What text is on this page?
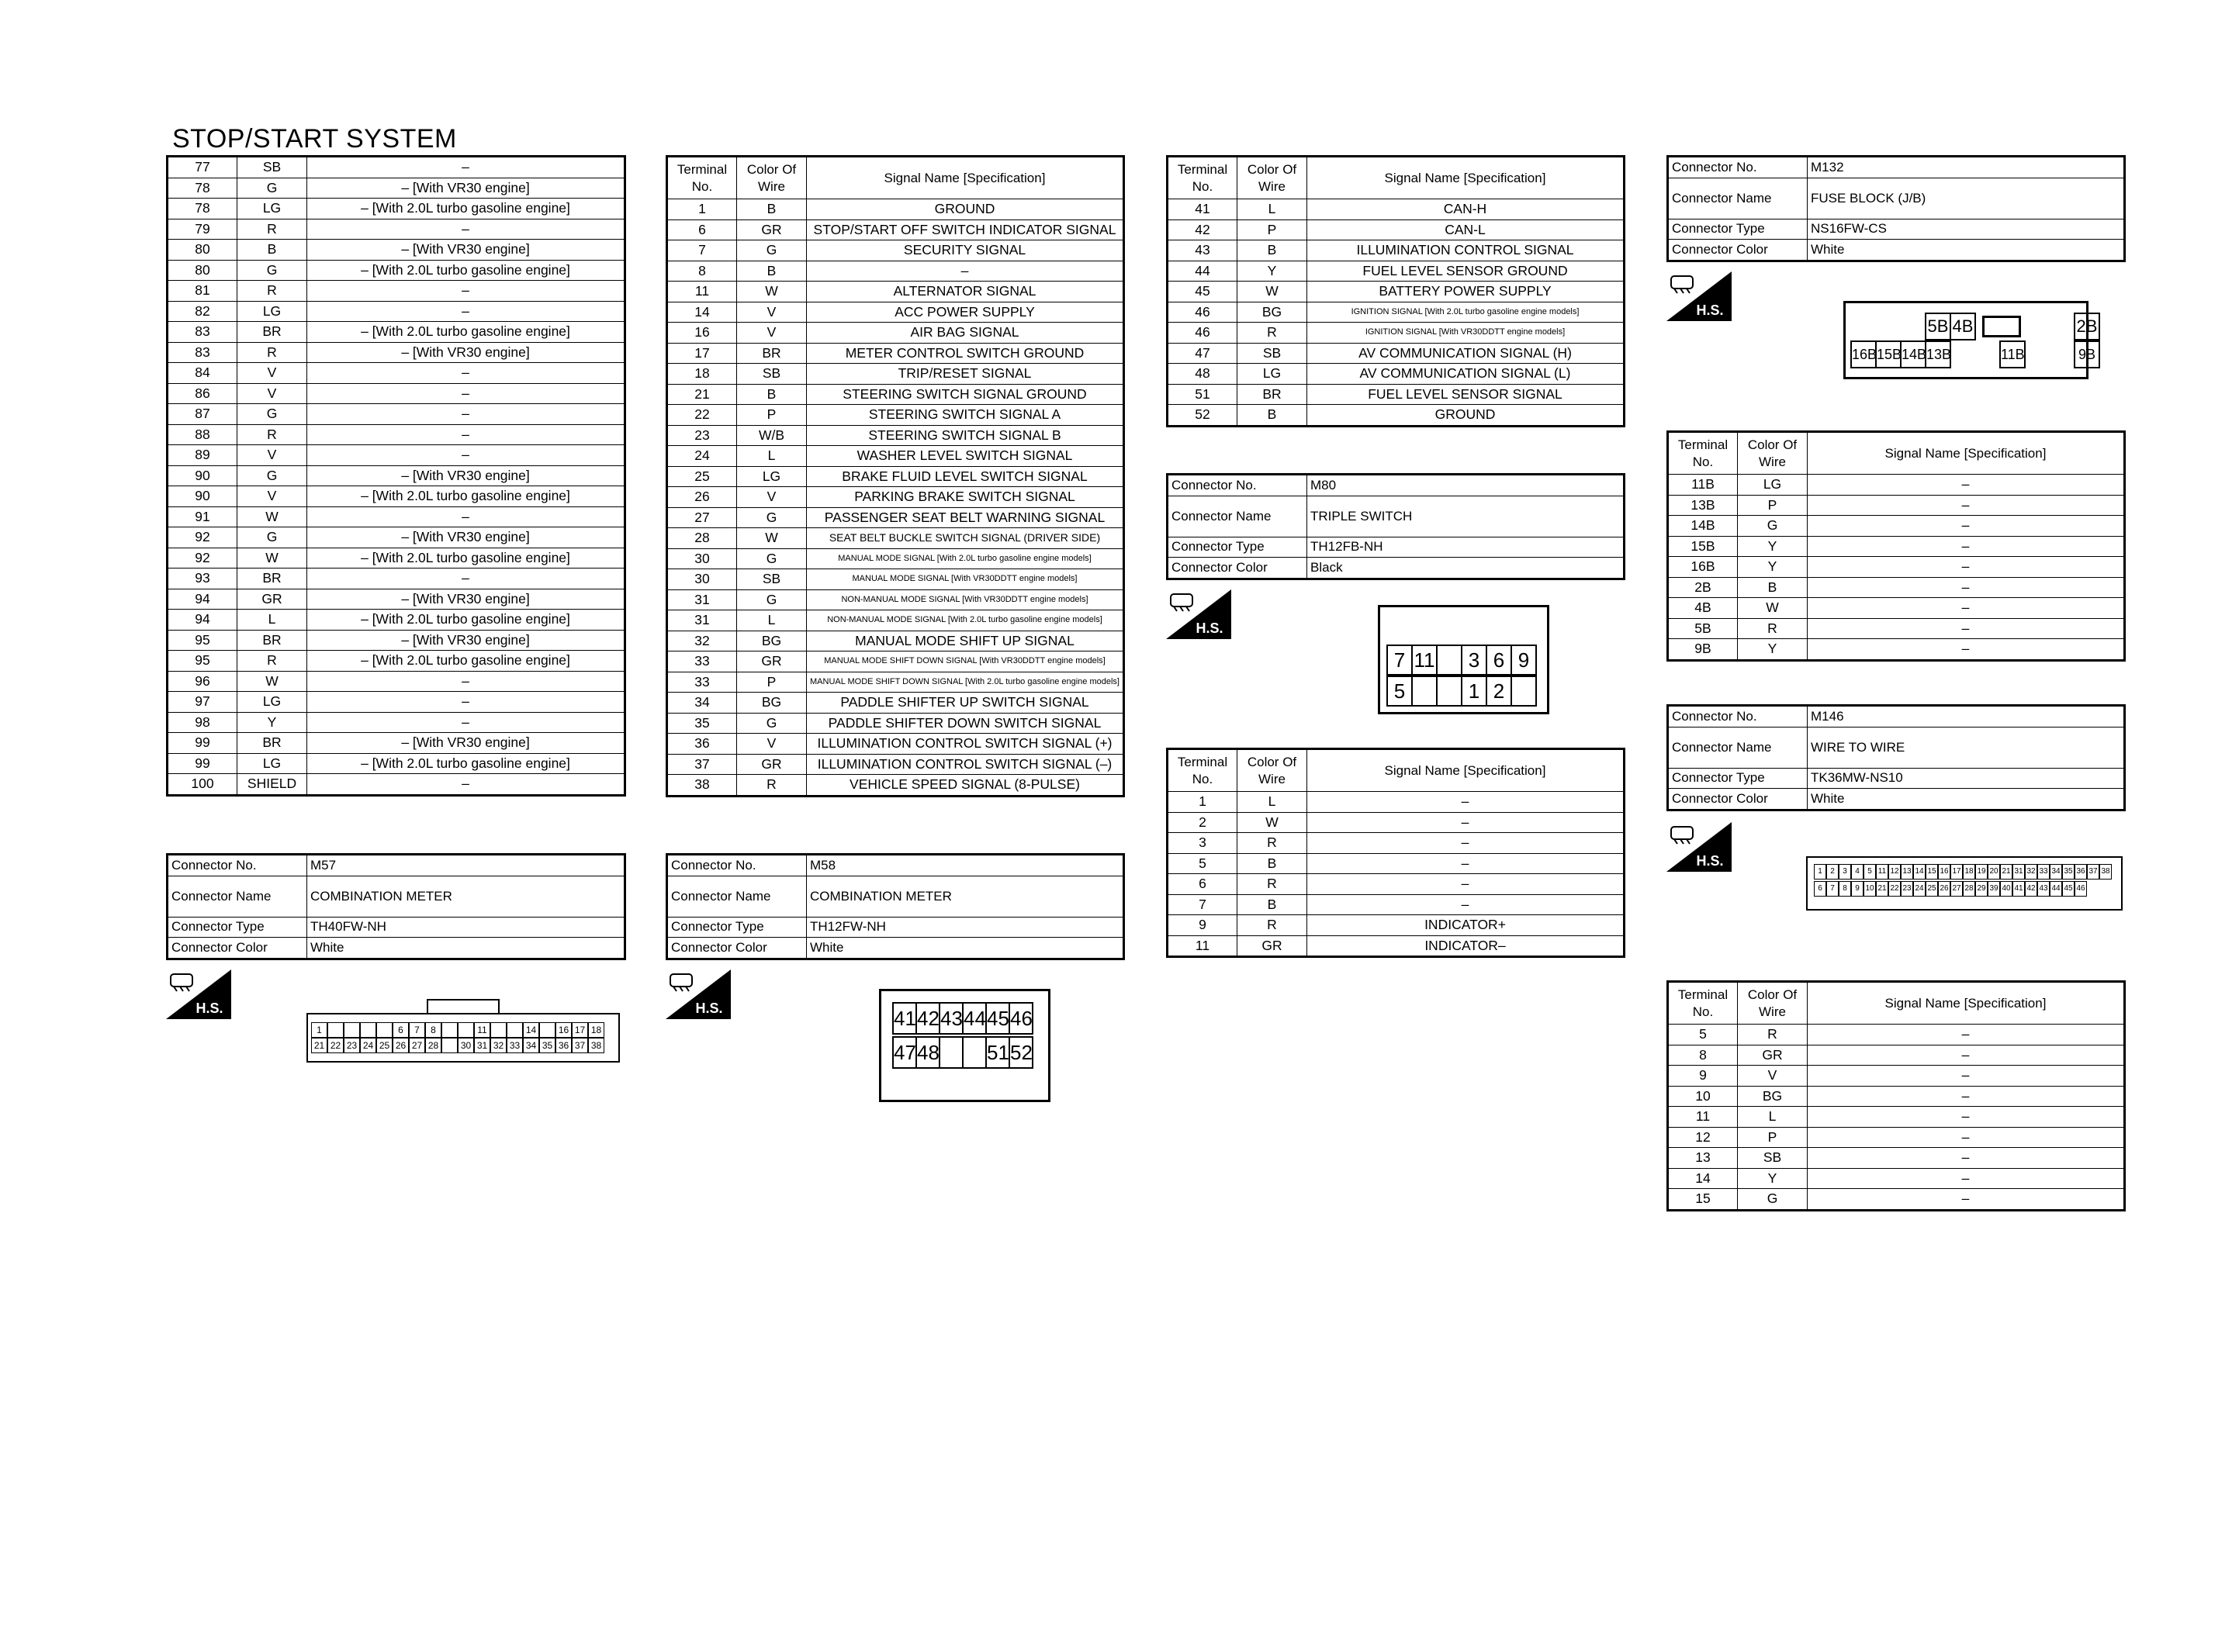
STOP/START SYSTEM
77	SB	–
78	G	– [With VR30 engine]
78	LG	– [With 2.0L turbo gasoline engine]
79	R	–
80	B	– [With VR30 engine]
80	G	– [With 2.0L turbo gasoline engine]
81	R	–
82	LG	–
83	BR	– [With 2.0L turbo gasoline engine]
83	R	– [With VR30 engine]
84	V	–
86	V	–
87	G	–
88	R	–
89	V	–
90	G	– [With VR30 engine]
90	V	– [With 2.0L turbo gasoline engine]
91	W	–
92	G	– [With VR30 engine]
92	W	– [With 2.0L turbo gasoline engine]
93	BR	–
94	GR	– [With VR30 engine]
94	L	– [With 2.0L turbo gasoline engine]
95	BR	– [With VR30 engine]
95	R	– [With 2.0L turbo gasoline engine]
96	W	–
97	LG	–
98	Y	–
99	BR	– [With VR30 engine]
99	LG	– [With 2.0L turbo gasoline engine]
100	SHIELD	–
Terminal No.	Color Of Wire	Signal Name [Specification]
1	B	GROUND
6	GR	STOP/START OFF SWITCH INDICATOR SIGNAL
7	G	SECURITY SIGNAL
8	B	–
11	W	ALTERNATOR SIGNAL
14	V	ACC POWER SUPPLY
16	V	AIR BAG SIGNAL
17	BR	METER CONTROL SWITCH GROUND
18	SB	TRIP/RESET SIGNAL
21	B	STEERING SWITCH SIGNAL GROUND
22	P	STEERING SWITCH SIGNAL A
23	W/B	STEERING SWITCH SIGNAL B
24	L	WASHER LEVEL SWITCH SIGNAL
25	LG	BRAKE FLUID LEVEL SWITCH SIGNAL
26	V	PARKING BRAKE SWITCH SIGNAL
27	G	PASSENGER SEAT BELT WARNING SIGNAL
28	W	SEAT BELT BUCKLE SWITCH SIGNAL (DRIVER SIDE)
30	G	MANUAL MODE SIGNAL [With 2.0L turbo gasoline engine models]
30	SB	MANUAL MODE SIGNAL [With VR30DDTT engine models]
31	G	NON-MANUAL MODE SIGNAL [With VR30DDTT engine models]
31	L	NON-MANUAL MODE SIGNAL [With 2.0L turbo gasoline engine models]
32	BG	MANUAL MODE SHIFT UP SIGNAL
33	GR	MANUAL MODE SHIFT DOWN SIGNAL [With VR30DDTT engine models]
33	P	MANUAL MODE SHIFT DOWN SIGNAL [With 2.0L turbo gasoline engine models]
34	BG	PADDLE SHIFTER UP SWITCH SIGNAL
35	G	PADDLE SHIFTER DOWN SWITCH SIGNAL
36	V	ILLUMINATION CONTROL SWITCH SIGNAL (+)
37	GR	ILLUMINATION CONTROL SWITCH SIGNAL (–)
38	R	VEHICLE SPEED SIGNAL (8-PULSE)
Terminal No.	Color Of Wire	Signal Name [Specification]
41	L	CAN-H
42	P	CAN-L
43	B	ILLUMINATION CONTROL SIGNAL
44	Y	FUEL LEVEL SENSOR GROUND
45	W	BATTERY POWER SUPPLY
46	BG	IGNITION SIGNAL [With 2.0L turbo gasoline engine models]
46	R	IGNITION SIGNAL [With VR30DDTT engine models]
47	SB	AV COMMUNICATION SIGNAL (H)
48	LG	AV COMMUNICATION SIGNAL (L)
51	BR	FUEL LEVEL SENSOR SIGNAL
52	B	GROUND
Terminal No.	Color Of Wire	Signal Name [Specification]
1	L	–
2	W	–
3	R	–
5	B	–
6	R	–
7	B	–
9	R	INDICATOR+
11	GR	INDICATOR–
Terminal No.	Color Of Wire	Signal Name [Specification]
11B	LG	–
13B	P	–
14B	G	–
15B	Y	–
16B	Y	–
2B	B	–
4B	W	–
5B	R	–
9B	Y	–
Terminal No.	Color Of Wire	Signal Name [Specification]
5	R	–
8	GR	–
9	V	–
10	BG	–
11	L	–
12	P	–
13	SB	–
14	Y	–
15	G	–
Connector No.	M57
Connector Name	COMBINATION METER
Connector Type	TH40FW-NH
Connector Color	White
Connector No.	M58
Connector Name	COMBINATION METER
Connector Type	TH12FW-NH
Connector Color	White
Connector No.	M80
Connector Name	TRIPLE SWITCH
Connector Type	TH12FB-NH
Connector Color	Black
Connector No.	M132
Connector Name	FUSE BLOCK (J/B)
Connector Type	NS16FW-CS
Connector Color	White
Connector No.	M146
Connector Name	WIRE TO WIRE
Connector Type	TK36MW-NS10
Connector Color	White
H.S.	H.S.
H.S.
H.S.
H.S.
1	6	7	8	11	14	16 17 18
21 22 23 24 25 26 27 28	30 31 32 33 34 35 36 37 38
41 42 43 44 45 46
47 48 51 52
7 11	3 6 9
5	1 2
5B 4B	2B
16B 15B 14B 13B	11B	9B
1	2	3	4	5 11 12 13 14 15 16 17 18 19 20 21 31 32 33 34 35 36 37 38
6	7	8	9 10 21 22 23 24 25 26 27 28 29 39 40 41 42 43 44 45 46
